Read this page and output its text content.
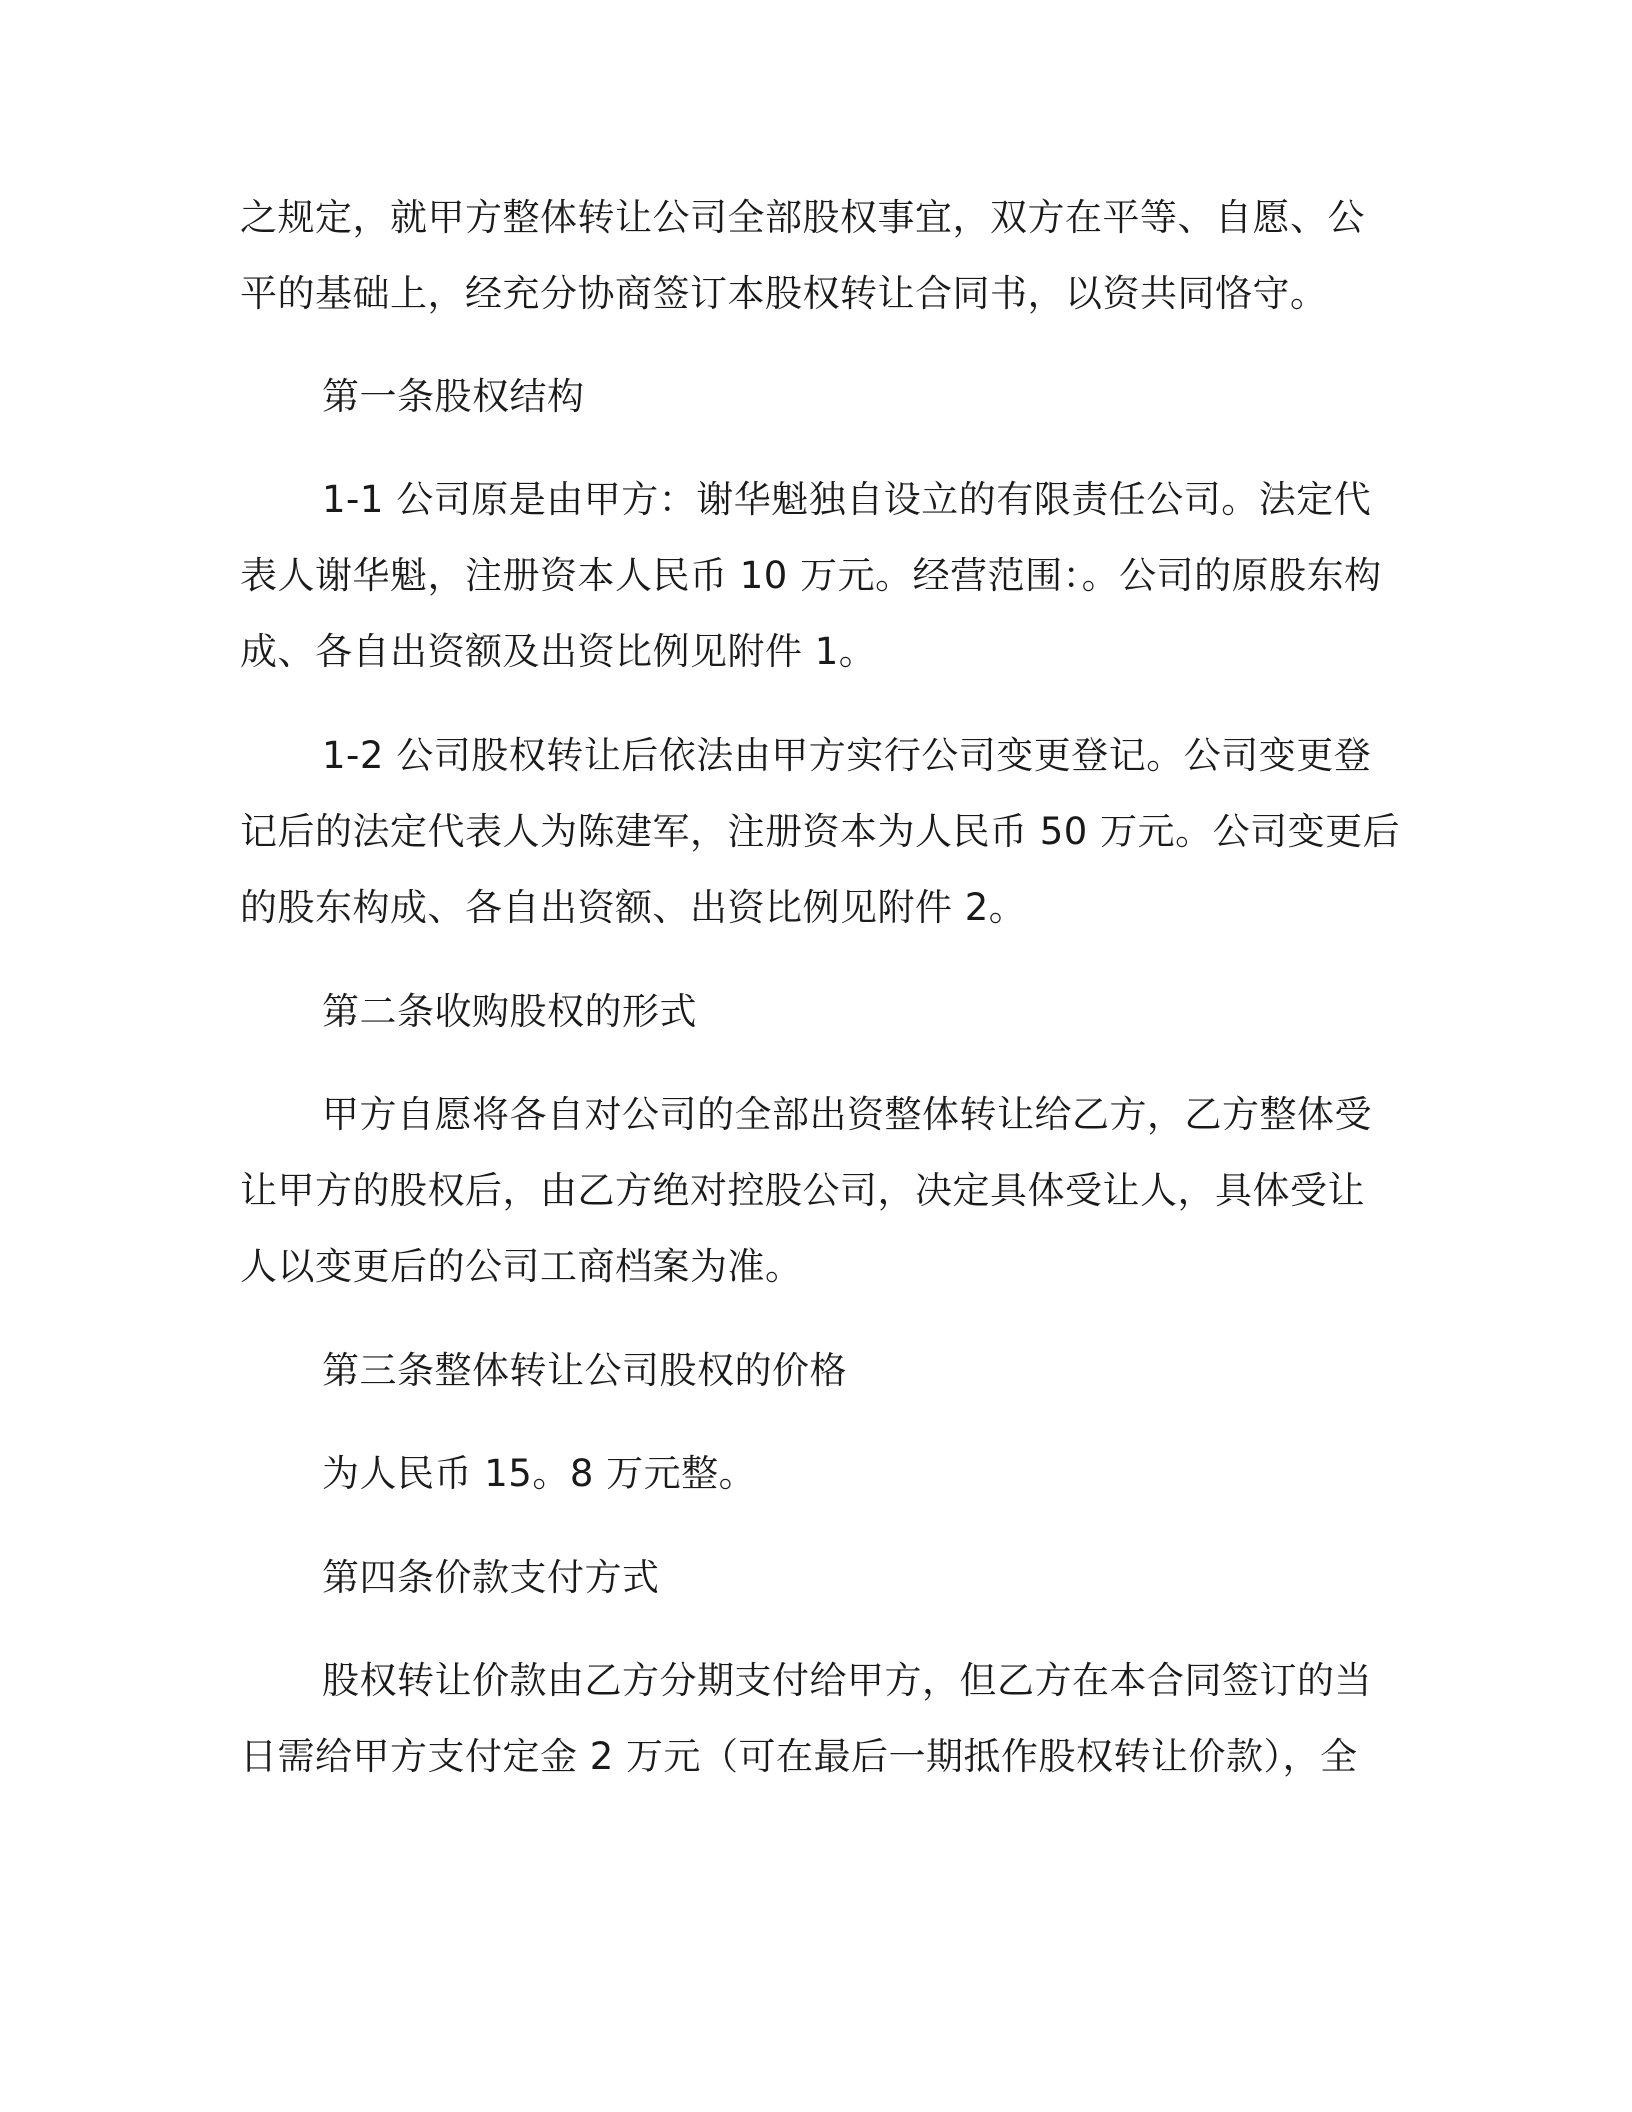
之规定，就甲方整体转让公司全部股权事宜，双方在平等、自愿、公
平的基础上，经充分协商签订本股权转让合同书，以资共同恪守。
第一条股权结构
1-1 公司原是由甲方：谢华魁独自设立的有限责任公司。法定代
表人谢华魁，注册资本人民币 10 万元。经营范围：。公司的原股东构
成、各自出资额及出资比例见附件 1。
1-2 公司股权转让后依法由甲方实行公司变更登记。公司变更登
记后的法定代表人为陈建军，注册资本为人民币 50 万元。公司变更后
的股东构成、各自出资额、出资比例见附件 2。
第二条收购股权的形式
甲方自愿将各自对公司的全部出资整体转让给乙方，乙方整体受
让甲方的股权后，由乙方绝对控股公司，决定具体受让人，具体受让
人以变更后的公司工商档案为准。
第三条整体转让公司股权的价格
为人民币 15。8 万元整。
第四条价款支付方式
股权转让价款由乙方分期支付给甲方，但乙方在本合同签订的当
日需给甲方支付定金 2 万元（可在最后一期抵作股权转让价款），全
